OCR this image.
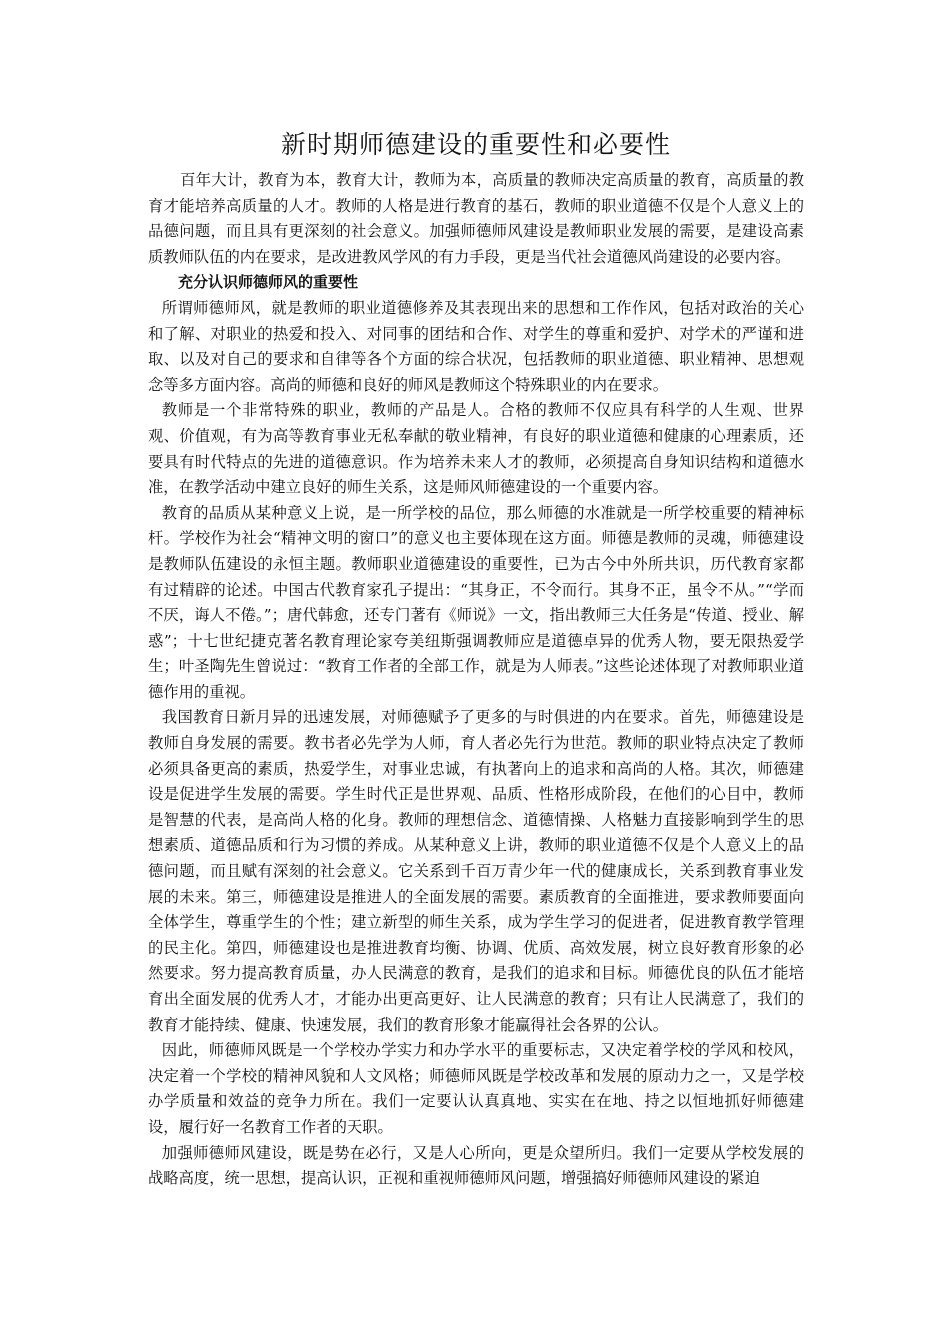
新时期师德建设的重要性和必要性

百年大计，教育为本，教育大计，教师为本，高质量的教师决定高质量的教育，高质量的教育才能培养高质量的人才。教师的人格是进行教育的基石，教师的职业道德不仅是个人意义上的品德问题，而且具有更深刻的社会意义。加强师德师风建设是教师职业发展的需要，是建设高素质教师队伍的内在要求，是改进教风学风的有力手段，更是当代社会道德风尚建设的必要内容。

充分认识师德师风的重要性

所谓师德师风，就是教师的职业道德修养及其表现出来的思想和工作作风，包括对政治的关心和了解、对职业的热爱和投入、对同事的团结和合作、对学生的尊重和爱护、对学术的严谨和进取、以及对自己的要求和自律等各个方面的综合状况，包括教师的职业道德、职业精神、思想观念等多方面内容。高尚的师德和良好的师风是教师这个特殊职业的内在要求。

教师是一个非常特殊的职业，教师的产品是人。合格的教师不仅应具有科学的人生观、世界观、价值观，有为高等教育事业无私奉献的敬业精神，有良好的职业道德和健康的心理素质，还要具有时代特点的先进的道德意识。作为培养未来人才的教师，必须提高自身知识结构和道德水准，在教学活动中建立良好的师生关系，这是师风师德建设的一个重要内容。

教育的品质从某种意义上说，是一所学校的品位，那么师德的水准就是一所学校重要的精神标杆。学校作为社会“精神文明的窗口”的意义也主要体现在这方面。师德是教师的灵魂，师德建设是教师队伍建设的永恒主题。教师职业道德建设的重要性，已为古今中外所共识，历代教育家都有过精辟的论述。中国古代教育家孔子提出：“其身正，不令而行。其身不正，虽令不从。”“学而不厌，诲人不倦。”；唐代韩愈，还专门著有《师说》一文，指出教师三大任务是“传道、授业、解惑”；十七世纪捷克著名教育理论家夸美纽斯强调教师应是道德卓异的优秀人物，要无限热爱学生；叶圣陶先生曾说过：“教育工作者的全部工作，就是为人师表。”这些论述体现了对教师职业道德作用的重视。

我国教育日新月异的迅速发展，对师德赋予了更多的与时俱进的内在要求。首先，师德建设是教师自身发展的需要。教书者必先学为人师，育人者必先行为世范。教师的职业特点决定了教师必须具备更高的素质，热爱学生，对事业忠诚，有执著向上的追求和高尚的人格。其次，师德建设是促进学生发展的需要。学生时代正是世界观、品质、性格形成阶段，在他们的心目中，教师是智慧的代表，是高尚人格的化身。教师的理想信念、道德情操、人格魅力直接影响到学生的思想素质、道德品质和行为习惯的养成。从某种意义上讲，教师的职业道德不仅是个人意义上的品德问题，而且赋有深刻的社会意义。它关系到千百万青少年一代的健康成长，关系到教育事业发展的未来。第三，师德建设是推进人的全面发展的需要。素质教育的全面推进，要求教师要面向全体学生，尊重学生的个性；建立新型的师生关系，成为学生学习的促进者，促进教育教学管理的民主化。第四，师德建设也是推进教育均衡、协调、优质、高效发展，树立良好教育形象的必然要求。努力提高教育质量，办人民满意的教育，是我们的追求和目标。师德优良的队伍才能培育出全面发展的优秀人才，才能办出更高更好、让人民满意的教育；只有让人民满意了，我们的教育才能持续、健康、快速发展，我们的教育形象才能赢得社会各界的公认。

因此，师德师风既是一个学校办学实力和办学水平的重要标志，又决定着学校的学风和校风，决定着一个学校的精神风貌和人文风格；师德师风既是学校改革和发展的原动力之一，又是学校办学质量和效益的竞争力所在。我们一定要认认真真地、实实在在地、持之以恒地抓好师德建设，履行好一名教育工作者的天职。

加强师德师风建设，既是势在必行，又是人心所向，更是众望所归。我们一定要从学校发展的战略高度，统一思想，提高认识，正视和重视师德师风问题，增强搞好师德师风建设的紧迫
